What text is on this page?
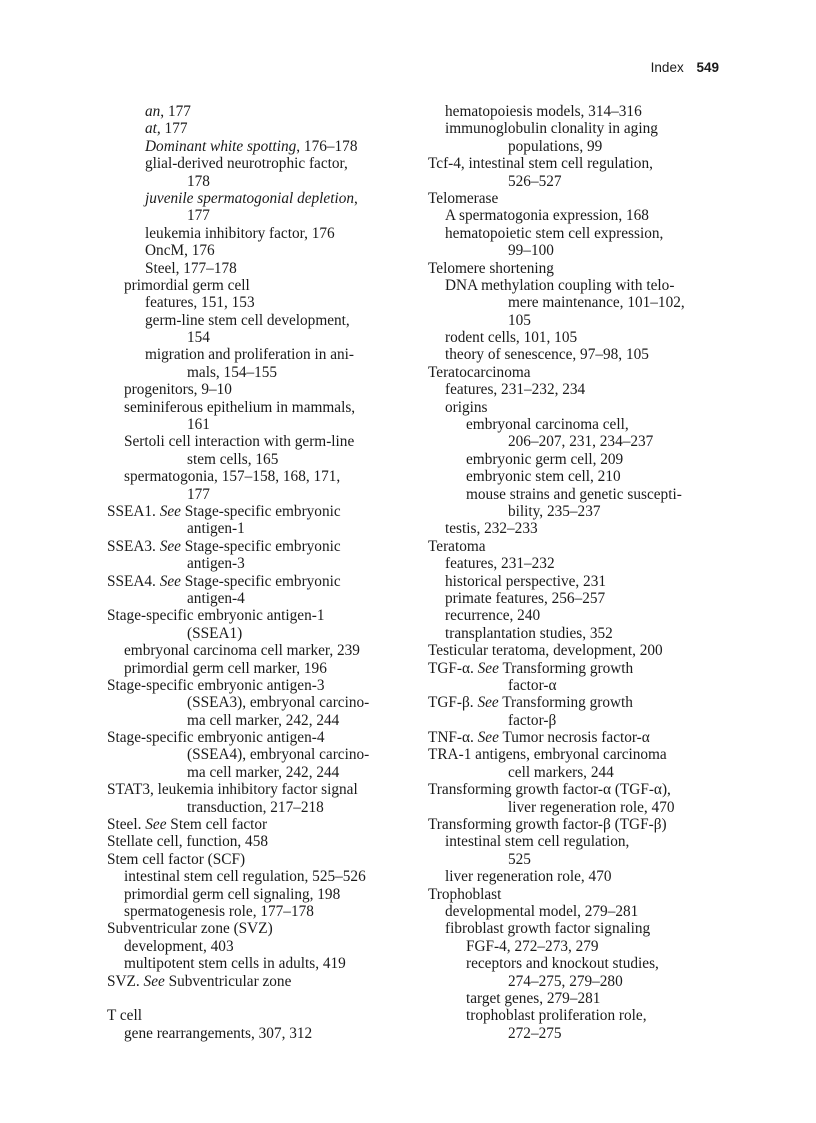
Index 549
an, 177
at, 177
Dominant white spotting, 176–178
glial-derived neurotrophic factor,
178
juvenile spermatogonial depletion,
177
leukemia inhibitory factor, 176
OncM, 176
Steel, 177–178
primordial germ cell
features, 151, 153
germ-line stem cell development,
154
migration and proliferation in ani-
mals, 154–155
progenitors, 9–10
seminiferous epithelium in mammals,
161
Sertoli cell interaction with germ-line
stem cells, 165
spermatogonia, 157–158, 168, 171,
177
SSEA1. See Stage-specific embryonic
antigen-1
SSEA3. See Stage-specific embryonic
antigen-3
SSEA4. See Stage-specific embryonic
antigen-4
Stage-specific embryonic antigen-1
(SSEA1)
embryonal carcinoma cell marker, 239
primordial germ cell marker, 196
Stage-specific embryonic antigen-3
(SSEA3), embryonal carcino-
ma cell marker, 242, 244
Stage-specific embryonic antigen-4
(SSEA4), embryonal carcino-
ma cell marker, 242, 244
STAT3, leukemia inhibitory factor signal
transduction, 217–218
Steel. See Stem cell factor
Stellate cell, function, 458
Stem cell factor (SCF)
intestinal stem cell regulation, 525–526
primordial germ cell signaling, 198
spermatogenesis role, 177–178
Subventricular zone (SVZ)
development, 403
multipotent stem cells in adults, 419
SVZ. See Subventricular zone
T cell
gene rearrangements, 307, 312
hematopoiesis models, 314–316
immunoglobulin clonality in aging
populations, 99
Tcf-4, intestinal stem cell regulation,
526–527
Telomerase
A spermatogonia expression, 168
hematopoietic stem cell expression,
99–100
Telomere shortening
DNA methylation coupling with telo-
mere maintenance, 101–102,
105
rodent cells, 101, 105
theory of senescence, 97–98, 105
Teratocarcinoma
features, 231–232, 234
origins
embryonal carcinoma cell,
206–207, 231, 234–237
embryonic germ cell, 209
embryonic stem cell, 210
mouse strains and genetic suscepti-
bility, 235–237
testis, 232–233
Teratoma
features, 231–232
historical perspective, 231
primate features, 256–257
recurrence, 240
transplantation studies, 352
Testicular teratoma, development, 200
TGF-α. See Transforming growth
factor-α
TGF-β. See Transforming growth
factor-β
TNF-α. See Tumor necrosis factor-α
TRA-1 antigens, embryonal carcinoma
cell markers, 244
Transforming growth factor-α (TGF-α),
liver regeneration role, 470
Transforming growth factor-β (TGF-β)
intestinal stem cell regulation,
525
liver regeneration role, 470
Trophoblast
developmental model, 279–281
fibroblast growth factor signaling
FGF-4, 272–273, 279
receptors and knockout studies,
274–275, 279–280
target genes, 279–281
trophoblast proliferation role,
272–275
